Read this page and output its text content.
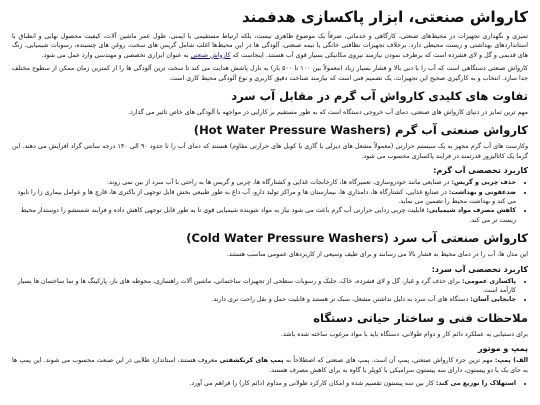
کارواش صنعتی، ابزار پاکسازی هدفمند

تمیزی و نگهداری تجهیزات در محیط‌های صنعتی، کارگاهی و خدماتی، صرفاً یک موضوع ظاهری نیست، بلکه ارتباط مستقیمی با ایمنی، طول عمر ماشین آلات، کیفیت محصول نهایی و انطباق با استانداردهای بهداشتی و زیست محیطی دارد. برخلاف تجهیزات نظافتی خانگی یا نیمه صنعتی، آلودگی ها در این محیط‌ها اغلب شامل گریس های سخت، روغن های چسبنده، رسوبات شیمیایی، زنگ های قدیمی و گل و لای فشرده است که برطرف نمودن نیازمند نیروی مکانیکی بسیار قوی آب هستند. اینجاست که کارواش صنعتی به عنوان ابزاری تخصصی و مهندسی وارد عمل می شود.

کارواش صنعتی دستگاهی است که آب را با دبی بالا و فشار بسیار زیاد (معمولاً بین ۱۰۰ تا ۵۰۰ بار) به نازل پاشش هدایت می کند تا سخت ترین آلودگی ها را از کمترین زمان ممکن از سطوح مختلف جدا سازد. انتخاب و به کارگیری صحیح این تجهیزات، یک تصمیم فنی است که نیازمند شناخت دقیق کاربری و نوع آلودگی محیط کاری است.

تفاوت های کلیدی کارواش آب گرم در مقابل آب سرد

مهم ترین تمایز در دنیای کارواش های صنعتی، دمای آب خروجی دستگاه است که به طور مستقیم بر کارایی در مواجهه با آلودگی های خاص تاثیر می گذارد.

کارواش صنعتی آب گرم (Hot Water Pressure Washers)

وکارست های آب گرم مجهز به یک سیستم حرارتی (معمولاً مشعل های دیزلی یا گازی یا کویل های حرارتی مقاوم) هستند که دمای آب را تا حدود ۹۰ الی ۱۴۰ درجه سانتی گراد افزایش می دهند. این گرما یک کاتالیزور قدرتمند در فرایند پاکسازی محسوب می شود.

کاربرد تخصصی آب گرم:
• حذف چربی و گریس: در صنایعی مانند خودروسازی، تعمیرگاه ها، کارخانجات غذایی و کشتارگاه ها، چربی و گریس ها به راحتی با آب سرد از بین نمی روند.
• ضدعفونی و بهداشت: در صنایع غذایی، کشتارگاه ها، دامداری ها، بیمارستان ها و مراکز تولید دارو، آب داغ به طور طبیعی بخش قابل توجهی از باکتری ها، قارچ ها و عوامل بیماری زا را نابود می کند و بهداشت محیط را تضمین می نماید.
• کاهش مصرف مواد شیمیایی: قابلیت چربی زدایی حرارتی آب گرم باعث می شود نیاز به مواد شوینده شیمیایی قوی تا به طور قابل توجهی کاهش داده و فرایند شستشو را دوستدار محیط زیست تر می کند.
کارواش صنعتی آب سرد (Cold Water Pressure Washers)

این مدل ها، آب را در دمای محیط به فشار بالا می رسانند و برای طیف وسیعی از کاربردهای عمومی مناسب هستند.

کاربرد تخصصی آب سرد:
• پاکسازی عمومی: برای حذف گرد و غبار، گل و لای فشرده، خاک، جلبک و رسوبات سطحی از تجهیزات ساختمانی، ماشین آلات راهسازی، محوطه های باز، پارکینگ ها و نما ساختمان ها بسیار کارآمد است.
• جابجایی آسان: دستگاه های آب سرد به دلیل نداشتن مشعل، سبک تر هستند و قابلیت حمل و نقل راحت تری دارند.
ملاحظات فنی و ساختار حیاتی دستگاه

برای دستیابی به عملکرد دائم کار و دوام طولانی، دستگاه باید با مواد مرغوب ساخته شده باشد.

پمپ و موتور

الف) پمپ: مهم ترین جزء کارواش صنعتی، پمپ آن است. پمپ های صنعتی که اصطلاحاً به پمپ های کرنکشفتی معروف هستند، استاندارد طلایی در این صنعت محسوب می شوند. این پمپ ها به جای یک یا دو پیستون، دارای سه پیستون سرامیکی با کوپلر یا گاوه به برای کاهش مصرف هستند.

• استهلاک را توزیع می کند: کار بین سه پیستون تقسیم شده و امکان کارکرد طولانی و مداوم (دائم کار) را فراهم می آورد.
